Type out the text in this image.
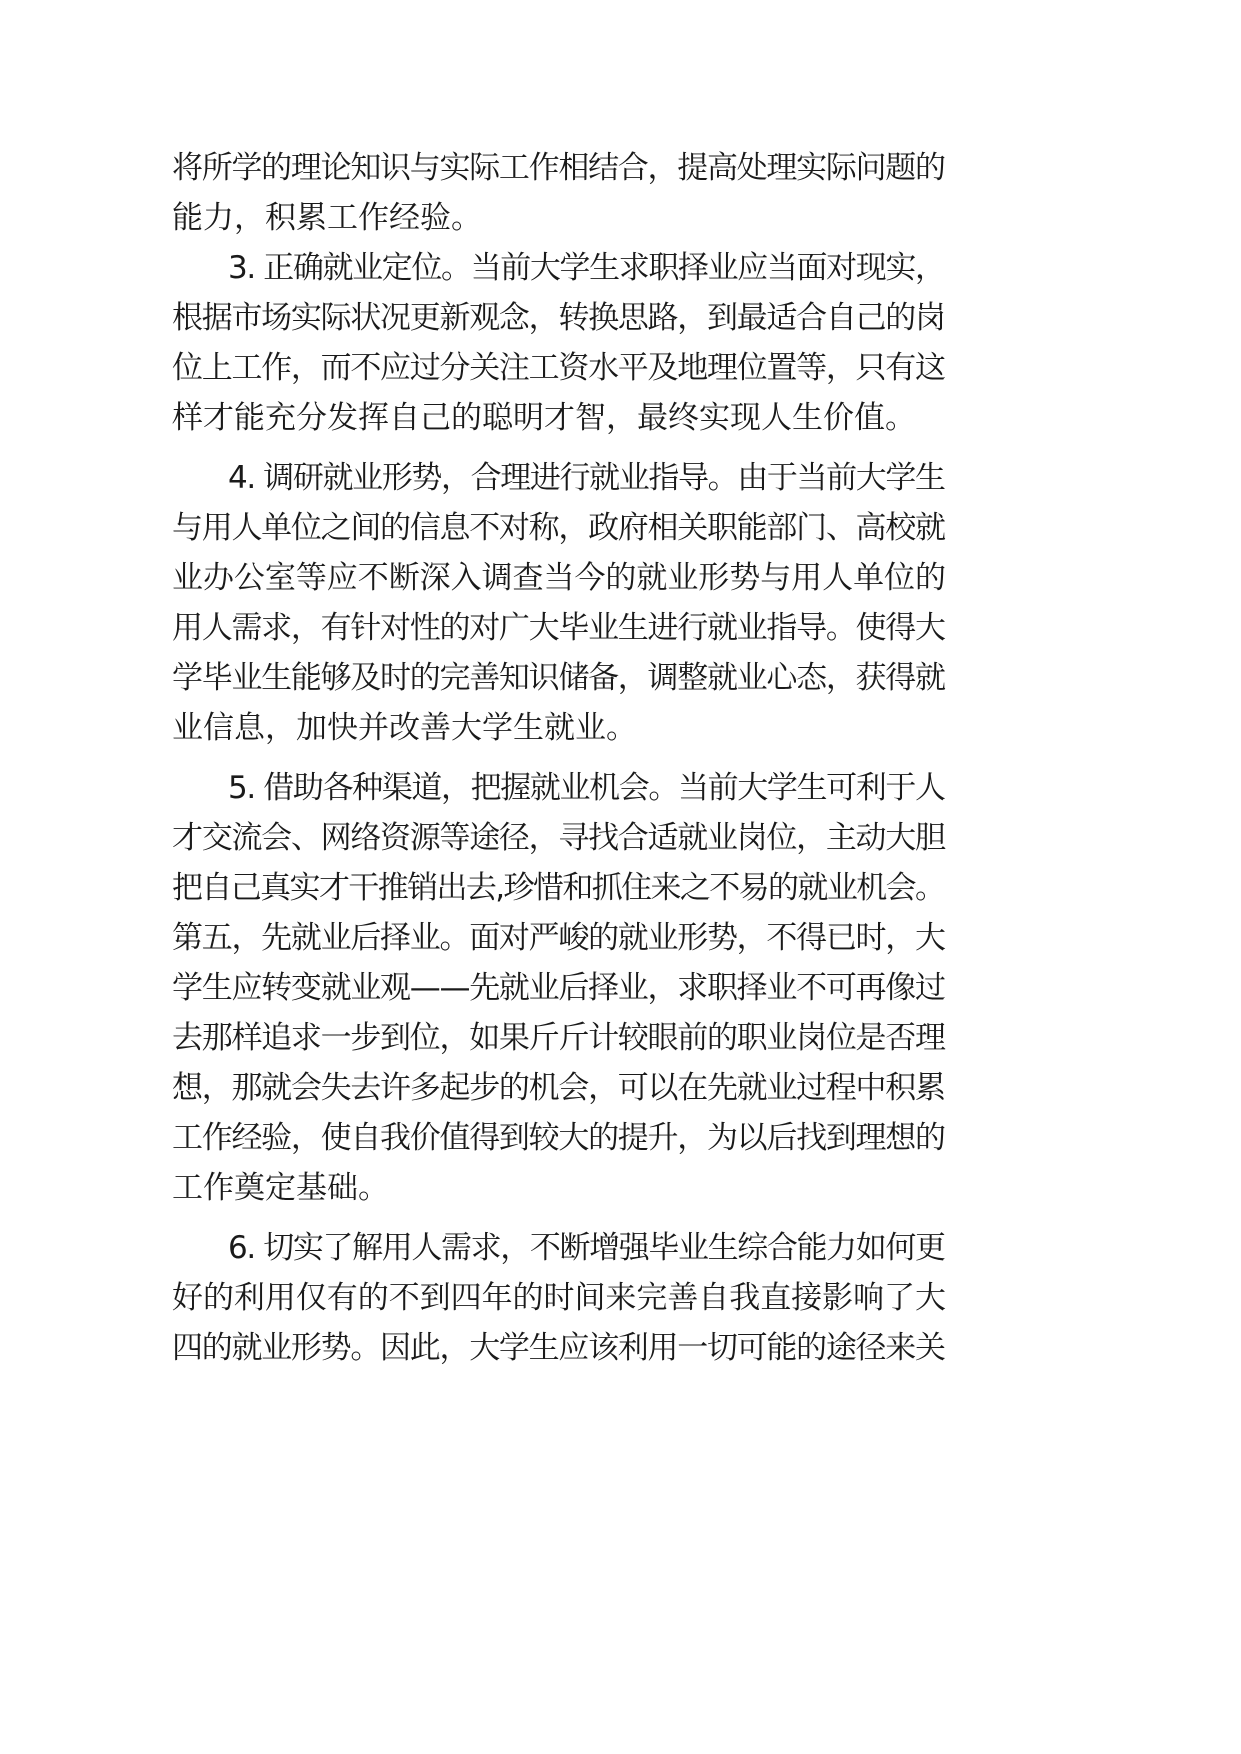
将所学的理论知识与实际工作相结合，提高处理实际问题的
能力，积累工作经验。
3. 正确就业定位。当前大学生求职择业应当面对现实，
根据市场实际状况更新观念，转换思路，到最适合自己的岗
位上工作，而不应过分关注工资水平及地理位置等，只有这
样才能充分发挥自己的聪明才智，最终实现人生价值。
4. 调研就业形势，合理进行就业指导。由于当前大学生
与用人单位之间的信息不对称，政府相关职能部门、高校就
业办公室等应不断深入调查当今的就业形势与用人单位的
用人需求，有针对性的对广大毕业生进行就业指导。使得大
学毕业生能够及时的完善知识储备，调整就业心态，获得就
业信息，加快并改善大学生就业。
5. 借助各种渠道，把握就业机会。当前大学生可利于人
才交流会、网络资源等途径，寻找合适就业岗位，主动大胆
把自己真实才干推销出去,珍惜和抓住来之不易的就业机会。
第五，先就业后择业。面对严峻的就业形势，不得已时，大
学生应转变就业观——先就业后择业，求职择业不可再像过
去那样追求一步到位，如果斤斤计较眼前的职业岗位是否理
想，那就会失去许多起步的机会，可以在先就业过程中积累
工作经验，使自我价值得到较大的提升，为以后找到理想的
工作奠定基础。
6. 切实了解用人需求，不断增强毕业生综合能力如何更
好的利用仅有的不到四年的时间来完善自我直接影响了大
四的就业形势。因此，大学生应该利用一切可能的途径来关
